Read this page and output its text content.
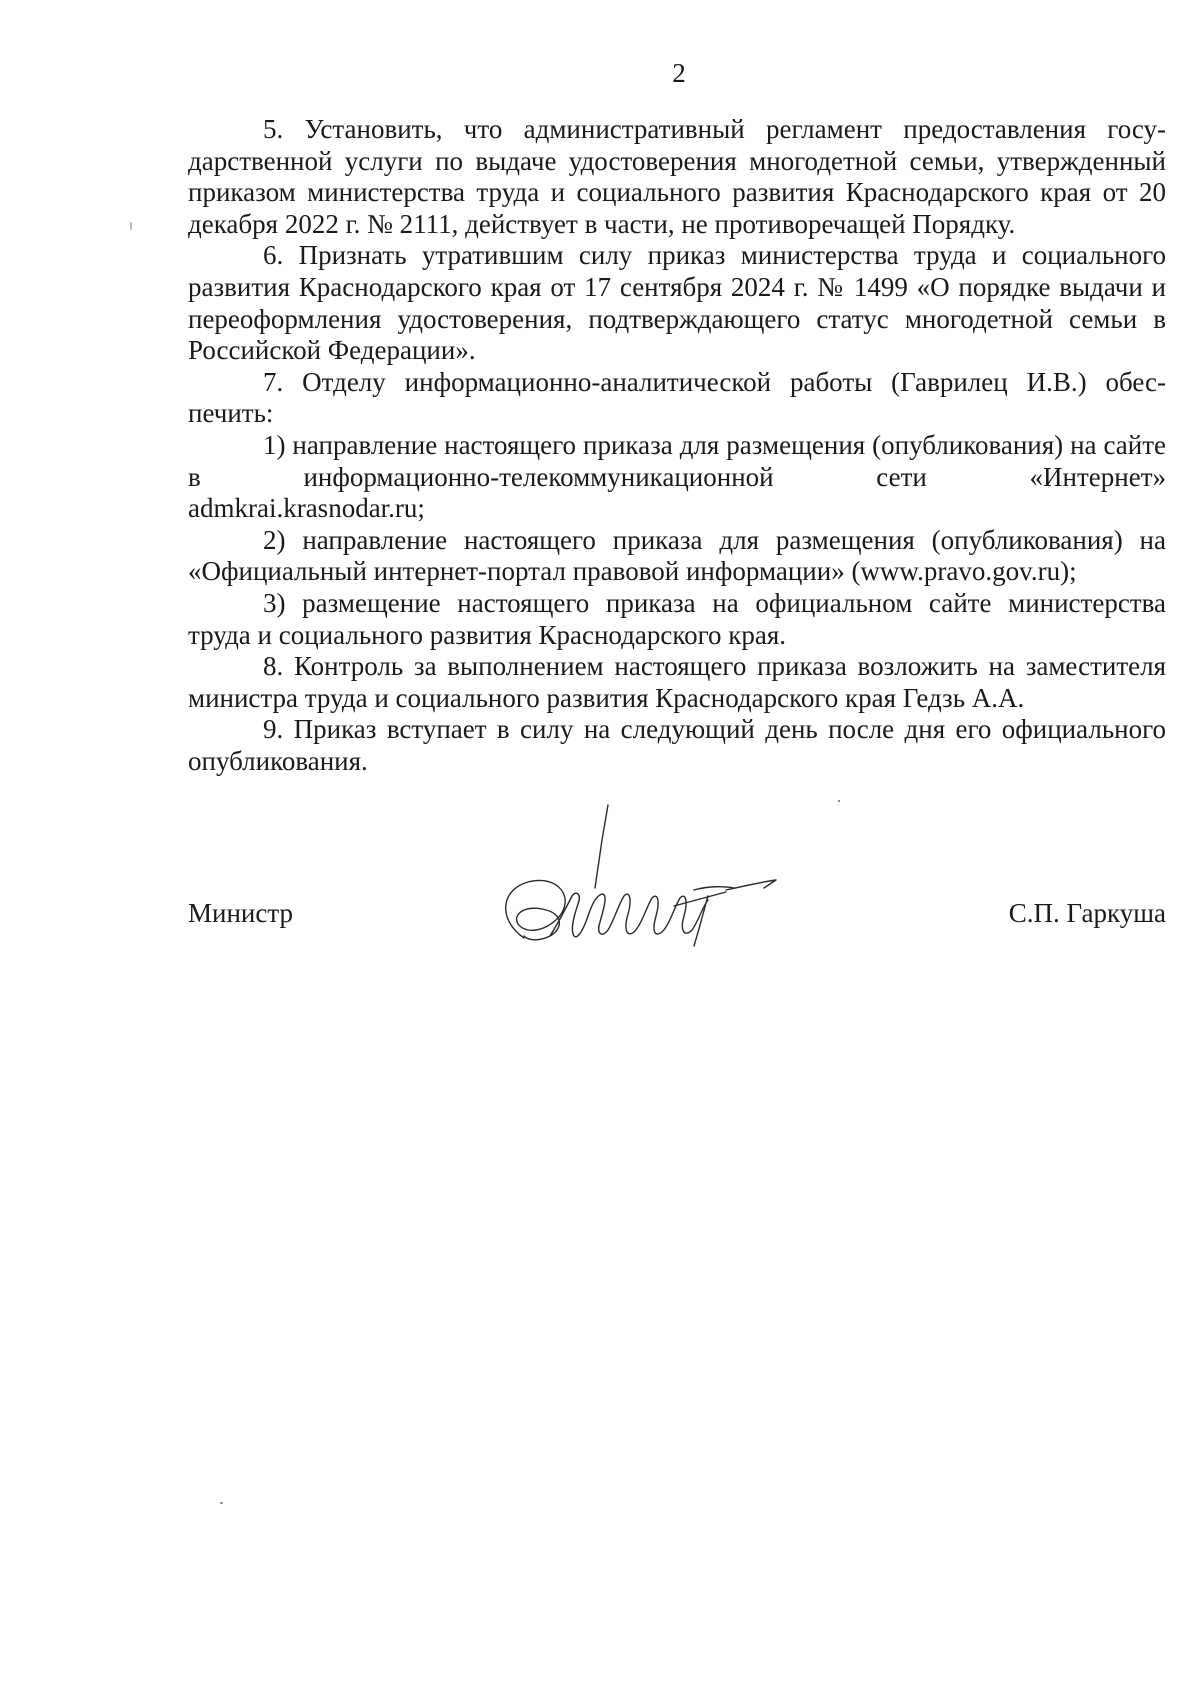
2

5. Установить, что административный регламент предоставления государственной услуги по выдаче удостоверения многодетной семьи, утвержденный приказом министерства труда и социального развития Краснодарского края от 20 декабря 2022 г. № 2111, действует в части, не противоречащей Порядку.

6. Признать утратившим силу приказ министерства труда и социального развития Краснодарского края от 17 сентября 2024 г. № 1499 «О порядке выдачи и переоформления удостоверения, подтверждающего статус многодетной семьи в Российской Федерации».

7. Отделу информационно-аналитической работы (Гаврилец И.В.) обеспечить:

1) направление настоящего приказа для размещения (опубликования) на сайте в информационно-телекоммуникационной сети «Интернет»

admkrai.krasnodar.ru;

2) направление настоящего приказа для размещения (опубликования) на «Официальный интернет-портал правовой информации» (www.pravo.gov.ru);

3) размещение настоящего приказа на официальном сайте министерства труда и социального развития Краснодарского края.

8. Контроль за выполнением настоящего приказа возложить на заместителя министра труда и социального развития Краснодарского края Гедзь А.А.

9. Приказ вступает в силу на следующий день после дня его официального опубликования.

Министр	С.П. Гаркуша
